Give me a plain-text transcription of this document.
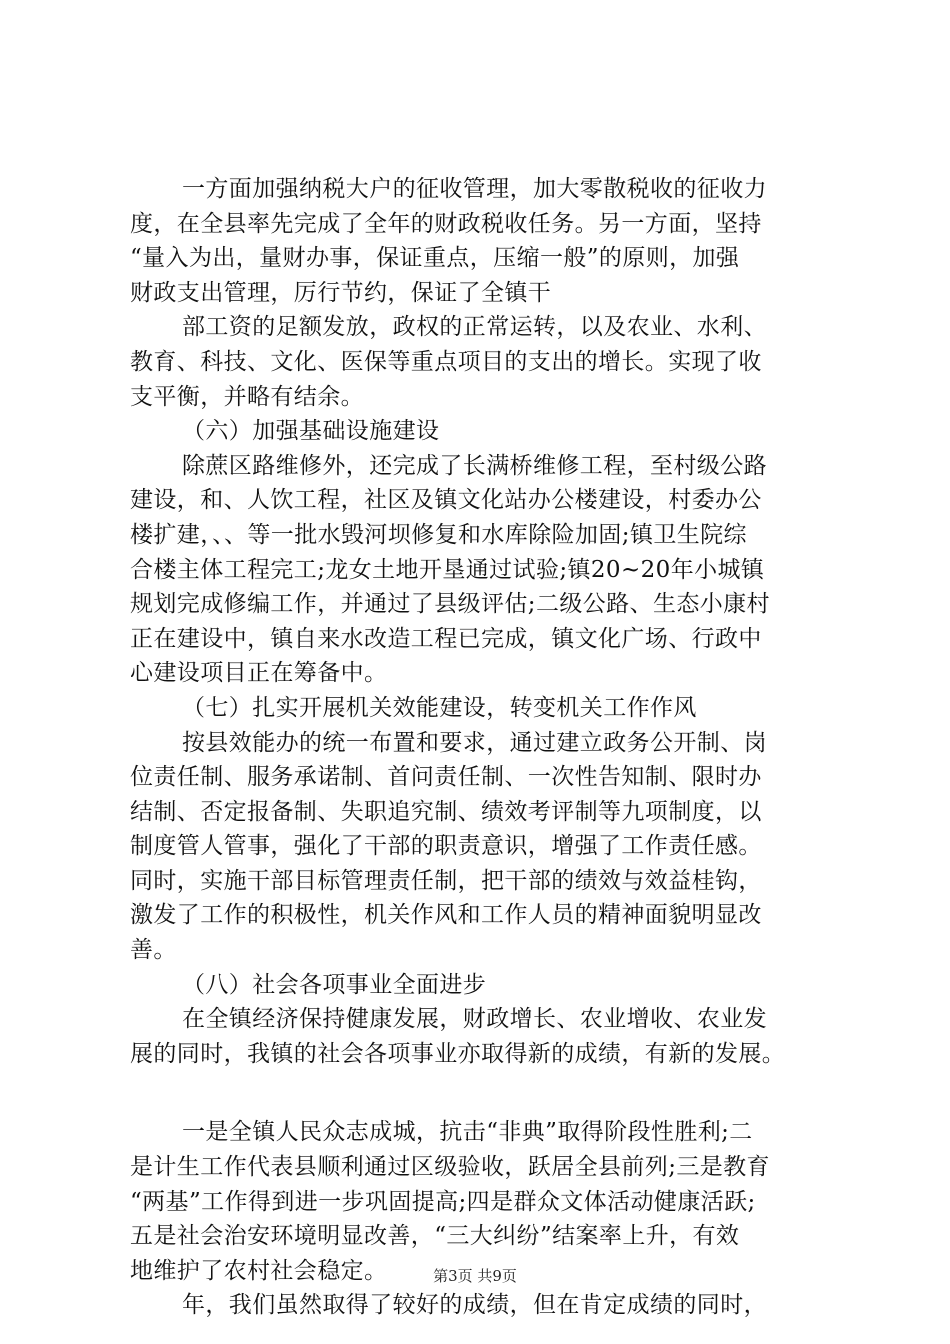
一方面加强纳税大户的征收管理，加大零散税收的征收力
度，在全县率先完成了全年的财政税收任务。另一方面，坚持
“量入为出，量财办事，保证重点，压缩一般”的原则，加强
财政支出管理，厉行节约，保证了全镇干
部工资的足额发放，政权的正常运转，以及农业、水利、
教育、科技、文化、医保等重点项目的支出的增长。实现了收
支平衡，并略有结余。
（六）加强基础设施建设
除蔗区路维修外，还完成了长满桥维修工程，至村级公路
建设，和、人饮工程，社区及镇文化站办公楼建设，村委办公
楼扩建，、、等一批水毁河坝修复和水库除险加固;镇卫生院综
合楼主体工程完工;龙女土地开垦通过试验;镇20~20年小城镇
规划完成修编工作，并通过了县级评估;二级公路、生态小康村
正在建设中，镇自来水改造工程已完成，镇文化广场、行政中
心建设项目正在筹备中。
（七）扎实开展机关效能建设，转变机关工作作风
按县效能办的统一布置和要求，通过建立政务公开制、岗
位责任制、服务承诺制、首问责任制、一次性告知制、限时办
结制、否定报备制、失职追究制、绩效考评制等九项制度，以
制度管人管事，强化了干部的职责意识，增强了工作责任感。
同时，实施干部目标管理责任制，把干部的绩效与效益桂钩，
激发了工作的积极性，机关作风和工作人员的精神面貌明显改
善。
（八）社会各项事业全面进步
在全镇经济保持健康发展，财政增长、农业增收、农业发
展的同时，我镇的社会各项事业亦取得新的成绩，有新的发展。
一是全镇人民众志成城，抗击“非典”取得阶段性胜利;二
是计生工作代表县顺利通过区级验收，跃居全县前列;三是教育
“两基”工作得到进一步巩固提高;四是群众文体活动健康活跃;
五是社会治安环境明显改善，“三大纠纷”结案率上升，有效
地维护了农村社会稳定。
年，我们虽然取得了较好的成绩，但在肯定成绩的同时，
第3页 共9页
